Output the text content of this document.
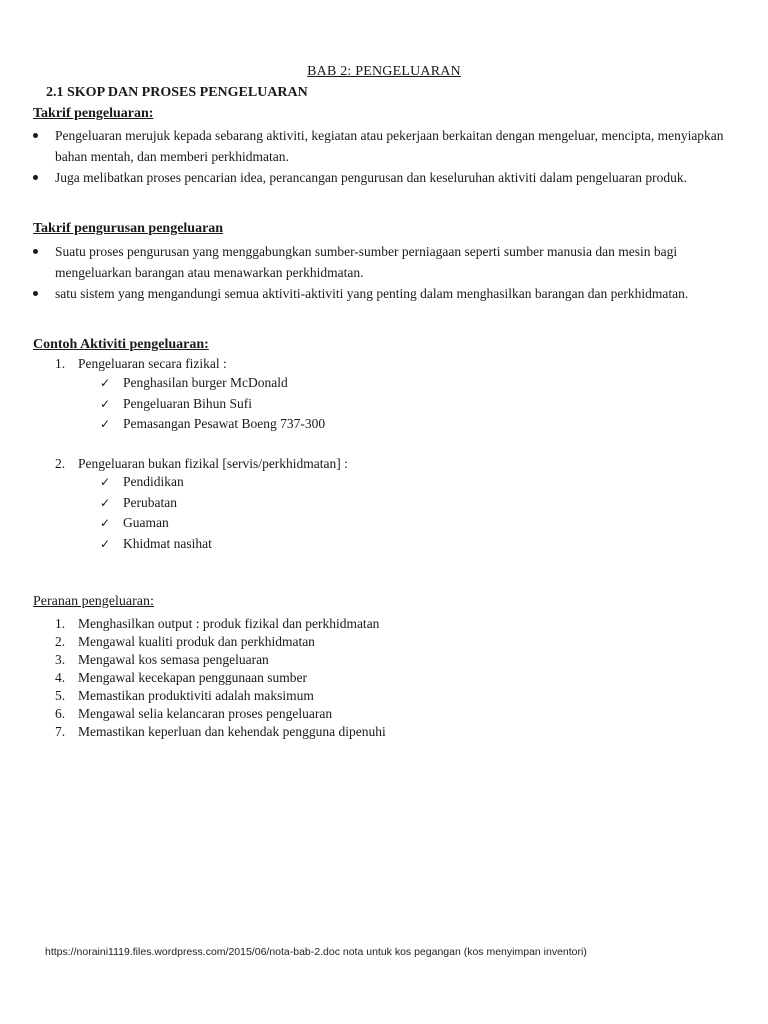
BAB 2: PENGELUARAN
2.1 SKOP DAN PROSES PENGELUARAN
Takrif pengeluaran:
Pengeluaran merujuk kepada sebarang aktiviti, kegiatan atau pekerjaan berkaitan dengan mengeluar, mencipta, menyiapkan bahan mentah, dan memberi perkhidmatan.
Juga melibatkan proses pencarian idea, perancangan pengurusan dan keseluruhan aktiviti dalam pengeluaran produk.
Takrif pengurusan pengeluaran
Suatu proses pengurusan yang menggabungkan sumber-sumber perniagaan seperti sumber manusia dan mesin bagi mengeluarkan barangan atau menawarkan perkhidmatan.
satu sistem yang mengandungi semua aktiviti-aktiviti yang penting dalam menghasilkan barangan dan perkhidmatan.
Contoh Aktiviti pengeluaran:
1. Pengeluaran secara fizikal :
✓ Penghasilan burger McDonald
✓ Pengeluaran Bihun Sufi
✓ Pemasangan Pesawat Boeng 737-300
2. Pengeluaran bukan fizikal [servis/perkhidmatan] :
✓ Pendidikan
✓ Perubatan
✓ Guaman
✓ Khidmat nasihat
Peranan pengeluaran:
1. Menghasilkan output : produk fizikal dan perkhidmatan
2. Mengawal kualiti produk dan perkhidmatan
3. Mengawal kos semasa pengeluaran
4. Mengawal kecekapan penggunaan sumber
5. Memastikan produktiviti adalah maksimum
6. Mengawal selia kelancaran proses pengeluaran
7. Memastikan keperluan dan kehendak pengguna dipenuhi
https://noraini1119.files.wordpress.com/2015/06/nota-bab-2.doc nota untuk kos pegangan (kos menyimpan inventori)
